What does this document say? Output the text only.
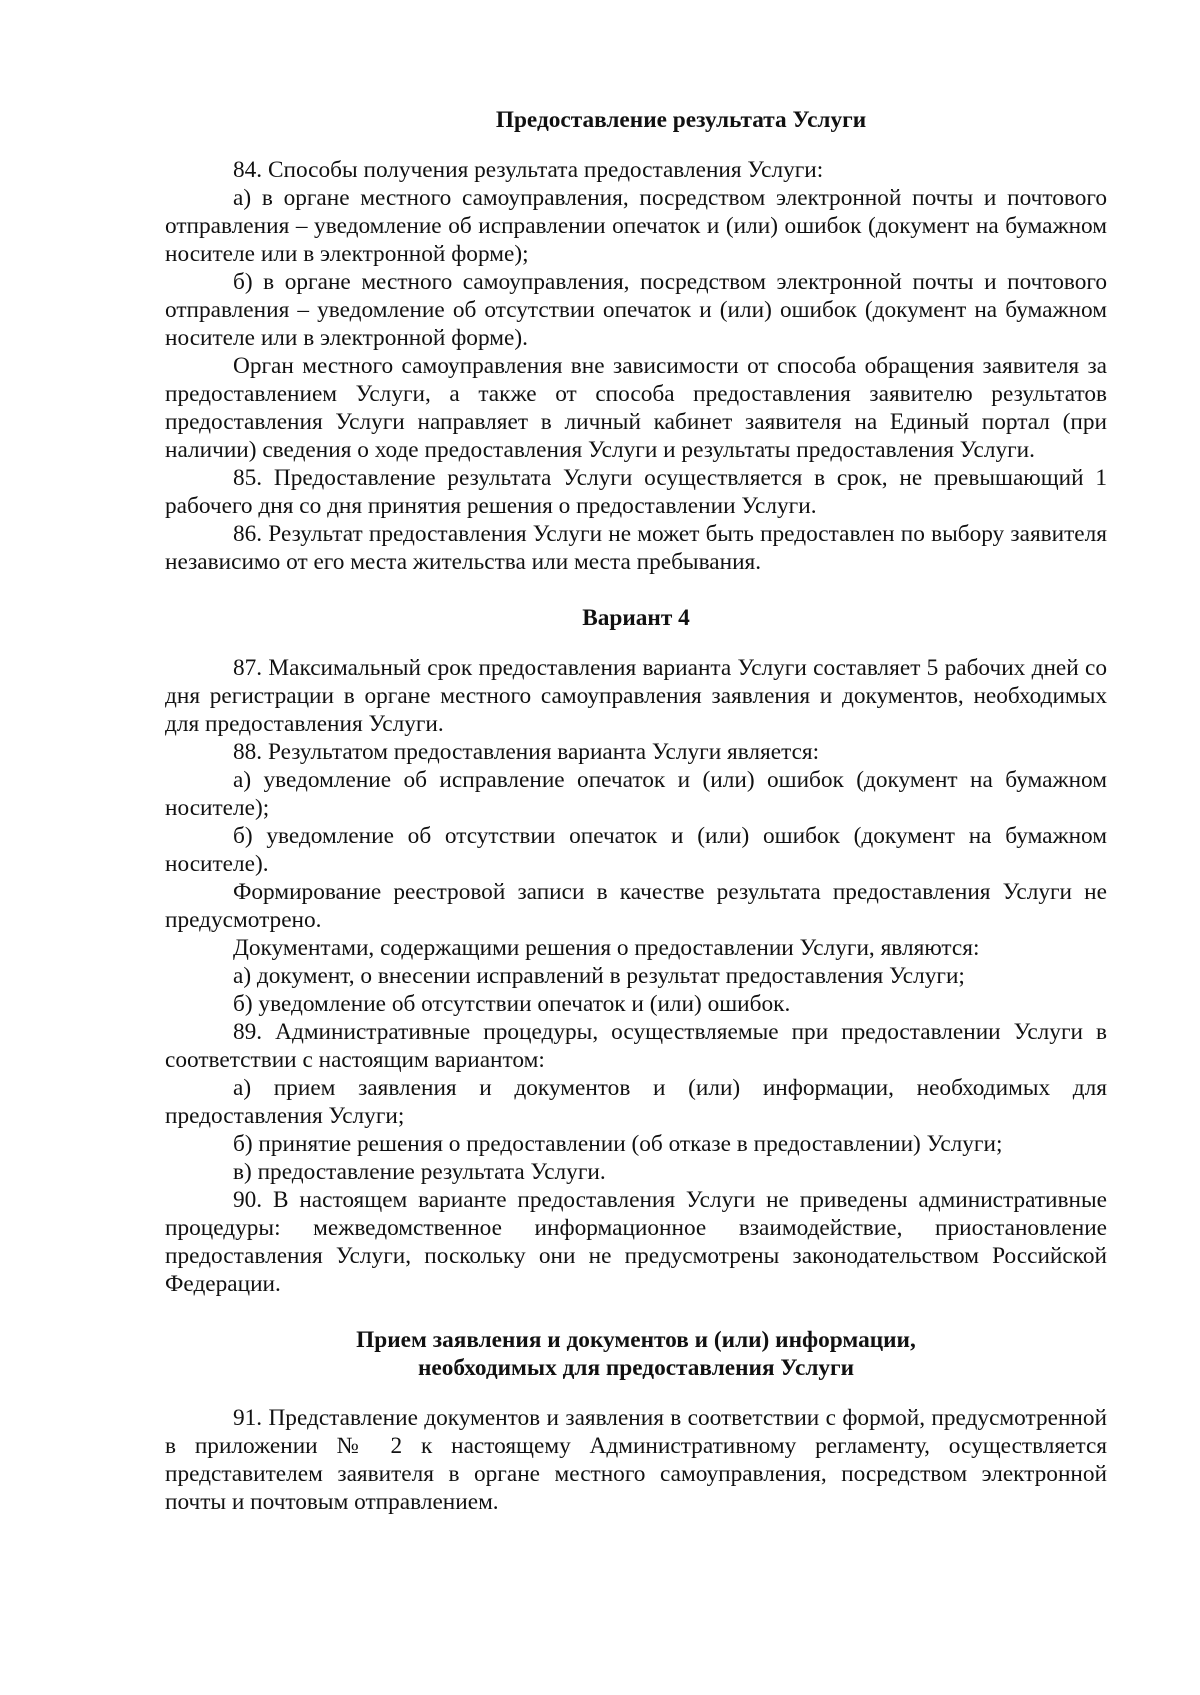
Предоставление результата Услуги

84. Способы получения результата предоставления Услуги:

а) в органе местного самоуправления, посредством электронной почты и почтового отправления – уведомление об исправлении опечаток и (или) ошибок (документ на бумажном носителе или в электронной форме);

б) в органе местного самоуправления, посредством электронной почты и почтового отправления – уведомление об отсутствии опечаток и (или) ошибок (документ на бумажном носителе или в электронной форме).

Орган местного самоуправления вне зависимости от способа обращения заявителя за предоставлением Услуги, а также от способа предоставления заявителю результатов предоставления Услуги направляет в личный кабинет заявителя на Единый портал (при наличии) сведения о ходе предоставления Услуги и результаты предоставления Услуги.

85. Предоставление результата Услуги осуществляется в срок, не превышающий 1 рабочего дня со дня принятия решения о предоставлении Услуги.

86. Результат предоставления Услуги не может быть предоставлен по выбору заявителя независимо от его места жительства или места пребывания.

Вариант 4

87. Максимальный срок предоставления варианта Услуги составляет 5 рабочих дней со дня регистрации в органе местного самоуправления заявления и документов, необходимых для предоставления Услуги.

88. Результатом предоставления варианта Услуги является:

а) уведомление об исправление опечаток и (или) ошибок (документ на бумажном носителе);

б) уведомление об отсутствии опечаток и (или) ошибок (документ на бумажном носителе).

Формирование реестровой записи в качестве результата предоставления Услуги не предусмотрено.

Документами, содержащими решения о предоставлении Услуги, являются:

а) документ, о внесении исправлений в результат предоставления Услуги;

б) уведомление об отсутствии опечаток и (или) ошибок.

89. Административные процедуры, осуществляемые при предоставлении Услуги в соответствии с настоящим вариантом:

а) прием заявления и документов и (или) информации, необходимых для предоставления Услуги;

б) принятие решения о предоставлении (об отказе в предоставлении) Услуги;

в) предоставление результата Услуги.

90. В настоящем варианте предоставления Услуги не приведены административные процедуры: межведомственное информационное взаимодействие, приостановление предоставления Услуги, поскольку они не предусмотрены законодательством Российской Федерации.

Прием заявления и документов и (или) информации,

необходимых для предоставления Услуги

91. Представление документов и заявления в соответствии с формой, предусмотренной в приложении № 2 к настоящему Административному регламенту, осуществляется представителем заявителя в органе местного самоуправления, посредством электронной почты и почтовым отправлением.
